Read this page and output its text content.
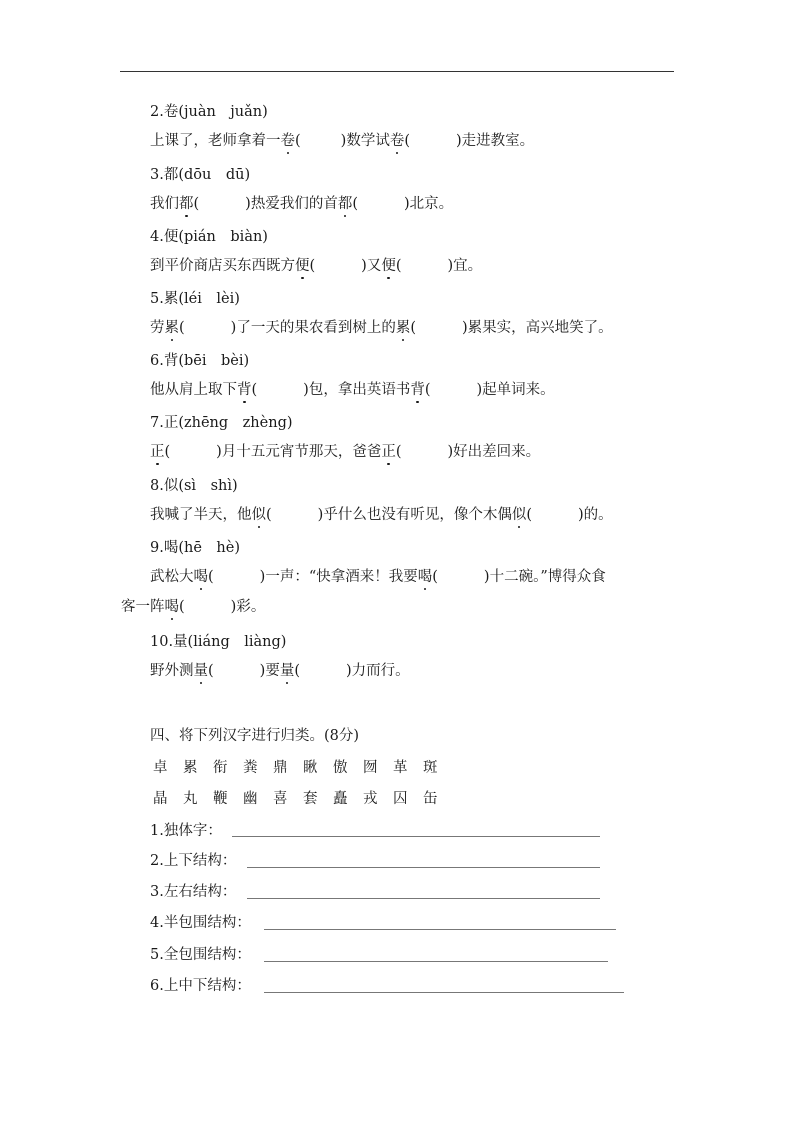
2.卷(juàn　juǎn)
上课了，老师拿着一卷(	)数学试卷(	)走进教室。
3.都(dōu　dū)
我们都(	)热爱我们的首都(	)北京。
4.便(pián　biàn)
到平价商店买东西既方便(	)又便(	)宜。
5.累(léi　lèi)
劳累(	)了一天的果农看到树上的累(	)累果实，高兴地笑了。
6.背(bēi　bèi)
他从肩上取下背(	)包，拿出英语书背(	)起单词来。
7.正(zhēng　zhèng)
正(	)月十五元宵节那天，爸爸正(	)好出差回来。
8.似(sì　shì)
我喊了半天，他似(	)乎什么也没有听见，像个木偶似(	)的。
9.喝(hē　hè)
武松大喝(	)一声：“快拿酒来！我要喝(	)十二碗。”博得众食
客一阵喝(	)彩。
10.量(liáng　liàng)
野外测量(	)要量(	)力而行。
四、将下列汉字进行归类。(8分)
卓 累 衔 粪 鼎 瞅 傲 囫 革 斑
晶 丸 鞭 幽 喜 套 矗 戎 囚 缶
1.独体字：
2.上下结构：
3.左右结构：
4.半包围结构：
5.全包围结构：
6.上中下结构：
